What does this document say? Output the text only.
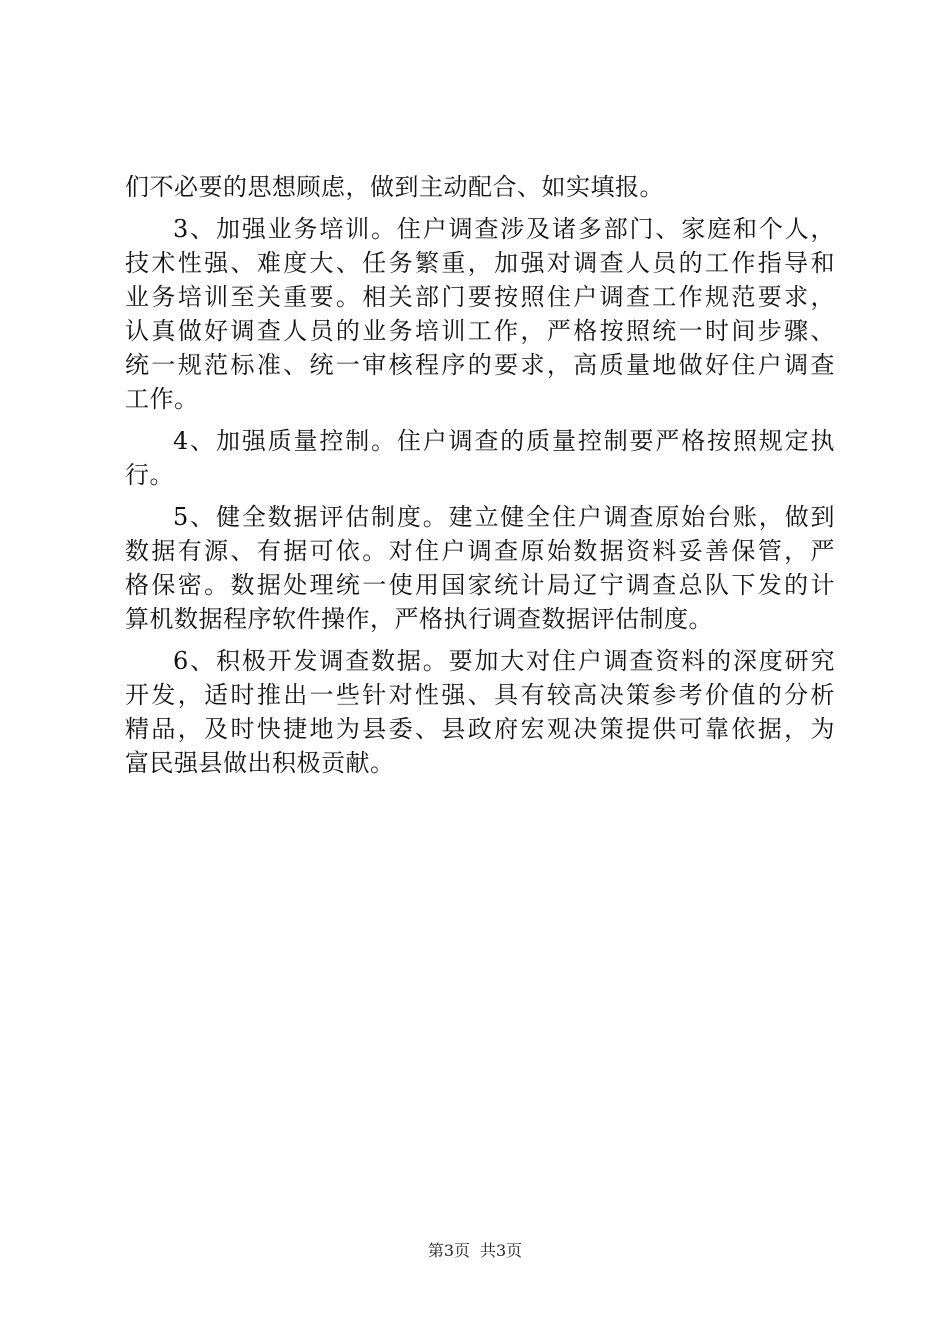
们不必要的思想顾虑，做到主动配合、如实填报。

3、加强业务培训。住户调查涉及诸多部门、家庭和个人，
技术性强、难度大、任务繁重，加强对调查人员的工作指导和
业务培训至关重要。相关部门要按照住户调查工作规范要求，
认真做好调查人员的业务培训工作，严格按照统一时间步骤、
统一规范标准、统一审核程序的要求，高质量地做好住户调查
工作。

4、加强质量控制。住户调查的质量控制要严格按照规定执
行。

5、健全数据评估制度。建立健全住户调查原始台账，做到
数据有源、有据可依。对住户调查原始数据资料妥善保管，严
格保密。数据处理统一使用国家统计局辽宁调查总队下发的计
算机数据程序软件操作，严格执行调查数据评估制度。

6、积极开发调查数据。要加大对住户调查资料的深度研究
开发，适时推出一些针对性强、具有较高决策参考价值的分析
精品，及时快捷地为县委、县政府宏观决策提供可靠依据，为
富民强县做出积极贡献。

第3页 共3页
